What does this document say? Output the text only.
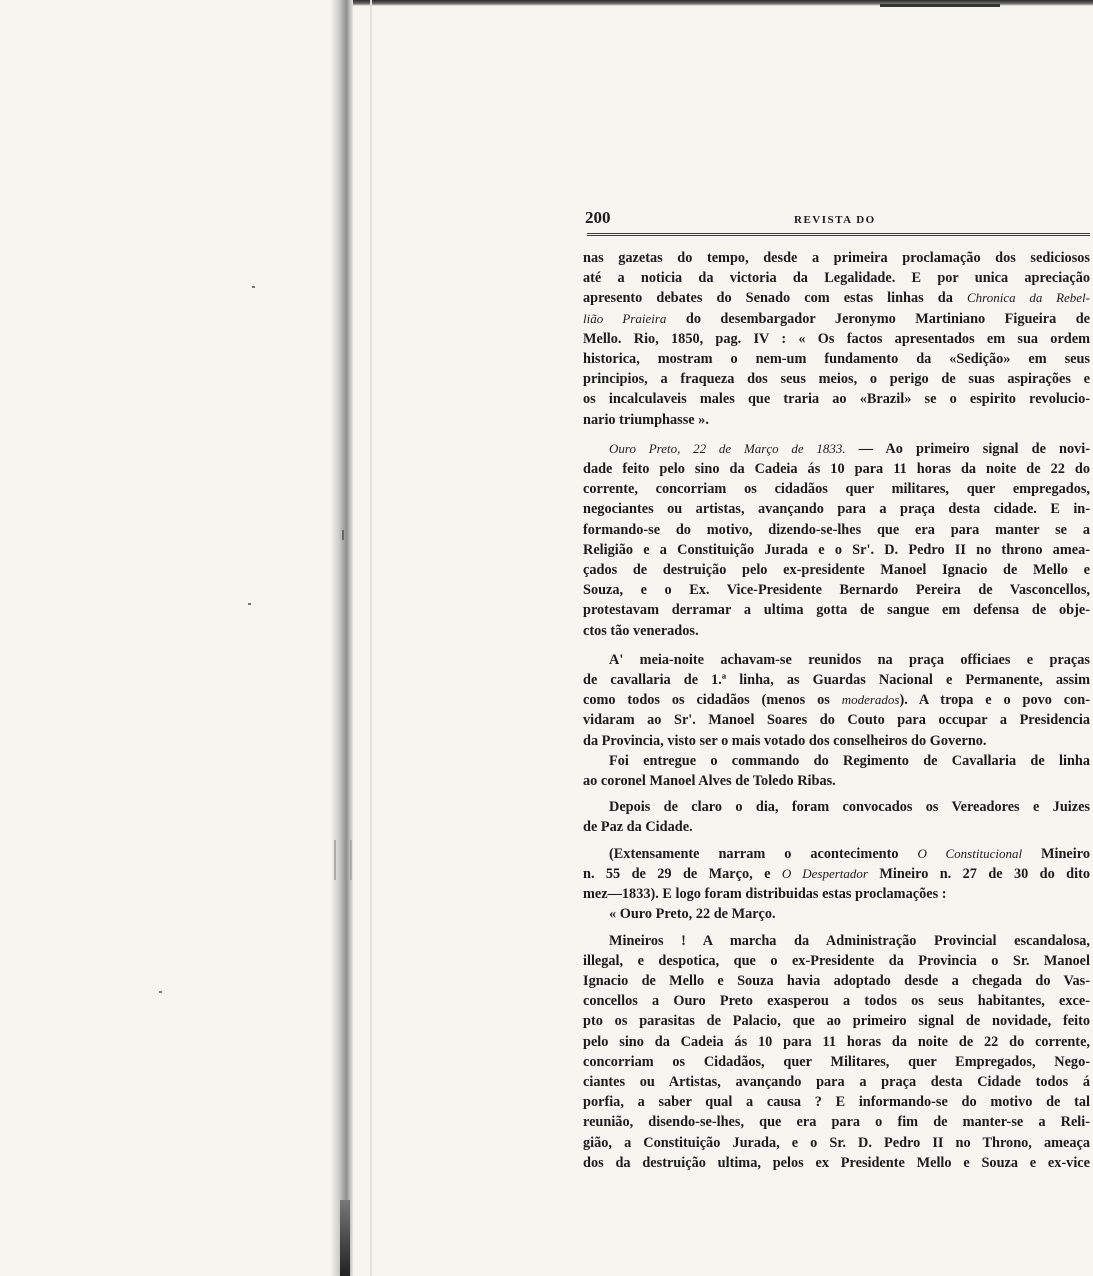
200	REVISTA DO

nas gazetas do tempo, desde a primeira proclamação dos sediciosos
até a noticia da victoria da Legalidade. E por unica apreciação
apresento debates do Senado com estas linhas da Chronica da Rebel-
lião Praieira do desembargador Jeronymo Martiniano Figueira de
Mello. Rio, 1850, pag. IV : « Os factos apresentados em sua ordem
historica, mostram o nem-um fundamento da «Sedição» em seus
principios, a fraqueza dos seus meios, o perigo de suas aspirações e
os incalculaveis males que traria ao «Brazil» se o espirito revolucio-

nario triumphasse ».

Ouro Preto, 22 de Março de 1833. — Ao primeiro signal de novi-
dade feito pelo sino da Cadeia ás 10 para 11 horas da noite de 22 do
corrente, concorriam os cidadãos quer militares, quer empregados,
negociantes ou artistas, avançando para a praça desta cidade. E in-
formando-se do motivo, dizendo-se-lhes que era para manter se a
Religião e a Constituição Jurada e o Sr'. D. Pedro II no throno amea-
çados de destruição pelo ex-presidente Manoel Ignacio de Mello e
Souza, e o Ex. Vice-Presidente Bernardo Pereira de Vasconcellos,
protestavam derramar a ultima gotta de sangue em defensa de obje-

ctos tão venerados.

A' meia-noite achavam-se reunidos na praça officiaes e praças
de cavallaria de 1.ª linha, as Guardas Nacional e Permanente, assim
como todos os cidadãos (menos os moderados). A tropa e o povo con-
vidaram ao Sr'. Manoel Soares do Couto para occupar a Presidencia

da Provincia, visto ser o mais votado dos conselheiros do Governo.

Foi entregue o commando do Regimento de Cavallaria de linha

ao coronel Manoel Alves de Toledo Ribas.

Depois de claro o dia, foram convocados os Vereadores e Juizes

de Paz da Cidade.

(Extensamente narram o acontecimento O Constitucional Mineiro
n. 55 de 29 de Março, e O Despertador Mineiro n. 27 de 30 do dito

mez—1833). E logo foram distribuidas estas proclamações :

« Ouro Preto, 22 de Março.

Mineiros ! A marcha da Administração Provincial escandalosa,
illegal, e despotica, que o ex-Presidente da Provincia o Sr. Manoel
Ignacio de Mello e Souza havia adoptado desde a chegada do Vas-
concellos a Ouro Preto exasperou a todos os seus habitantes, exce-
pto os parasitas de Palacio, que ao primeiro signal de novidade, feito
pelo sino da Cadeia ás 10 para 11 horas da noite de 22 do corrente,
concorriam os Cidadãos, quer Militares, quer Empregados, Nego-
ciantes ou Artistas, avançando para a praça desta Cidade todos á
porfia, a saber qual a causa ? E informando-se do motivo de tal
reunião, disendo-se-lhes, que era para o fim de manter-se a Reli-
gião, a Constituição Jurada, e o Sr. D. Pedro II no Throno, ameaça
dos da destruição ultima, pelos ex Presidente Mello e Souza e ex-vice
